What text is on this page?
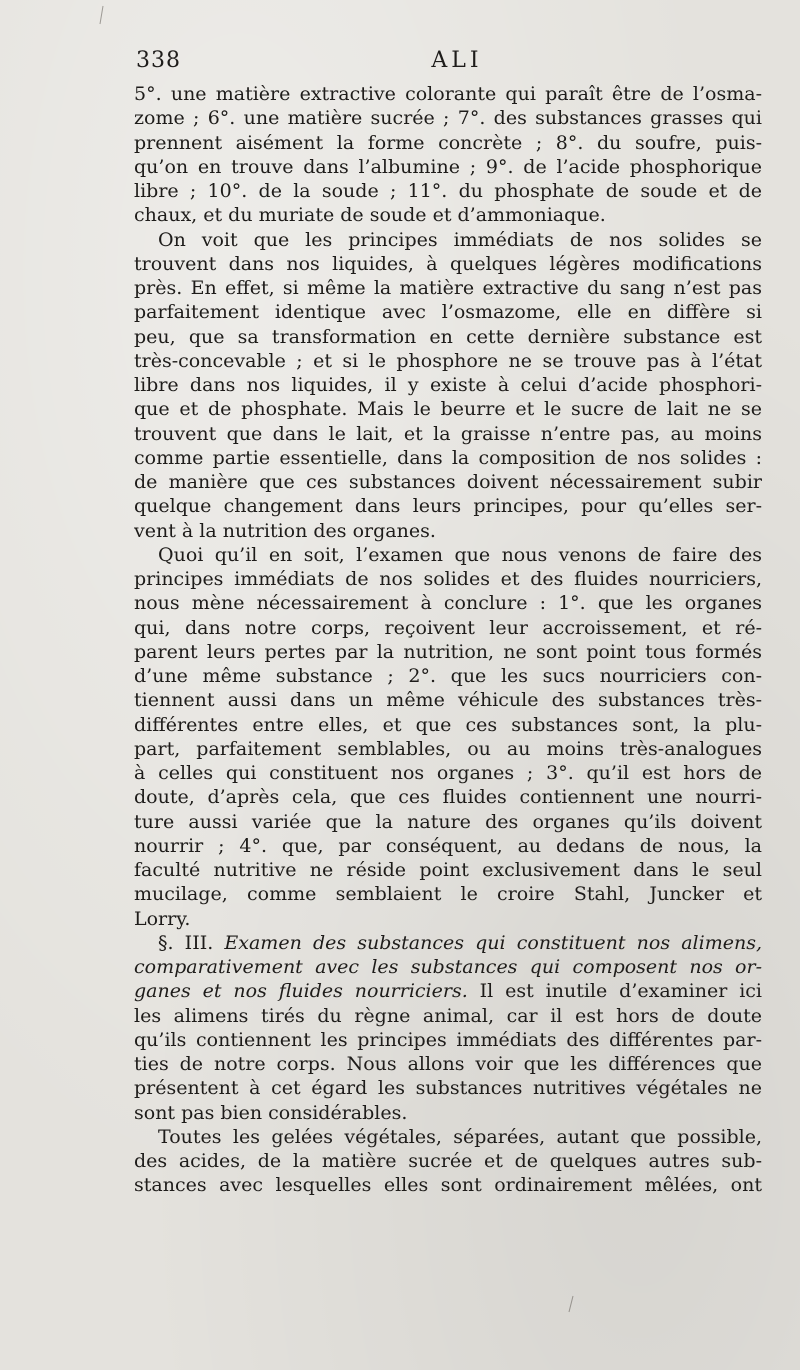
338	ALI
5°. une matière extractive colorante qui paraît être de l’osma-
zome ; 6°. une matière sucrée ; 7°. des substances grasses qui
prennent aisément la forme concrète ; 8°. du soufre, puis-
qu’on en trouve dans l’albumine ; 9°. de l’acide phosphorique
libre ; 10°. de la soude ; 11°. du phosphate de soude et de
chaux, et du muriate de soude et d’ammoniaque.
On voit que les principes immédiats de nos solides se
trouvent dans nos liquides, à quelques légères modifications
près. En effet, si même la matière extractive du sang n’est pas
parfaitement identique avec l’osmazome, elle en diffère si
peu, que sa transformation en cette dernière substance est
très-concevable ; et si le phosphore ne se trouve pas à l’état
libre dans nos liquides, il y existe à celui d’acide phosphori-
que et de phosphate. Mais le beurre et le sucre de lait ne se
trouvent que dans le lait, et la graisse n’entre pas, au moins
comme partie essentielle, dans la composition de nos solides :
de manière que ces substances doivent nécessairement subir
quelque changement dans leurs principes, pour qu’elles ser-
vent à la nutrition des organes.
Quoi qu’il en soit, l’examen que nous venons de faire des
principes immédiats de nos solides et des fluides nourriciers,
nous mène nécessairement à conclure : 1°. que les organes
qui, dans notre corps, reçoivent leur accroissement, et ré-
parent leurs pertes par la nutrition, ne sont point tous formés
d’une même substance ; 2°. que les sucs nourriciers con-
tiennent aussi dans un même véhicule des substances très-
différentes entre elles, et que ces substances sont, la plu-
part, parfaitement semblables, ou au moins très-analogues
à celles qui constituent nos organes ; 3°. qu’il est hors de
doute, d’après cela, que ces fluides contiennent une nourri-
ture aussi variée que la nature des organes qu’ils doivent
nourrir ; 4°. que, par conséquent, au dedans de nous, la
faculté nutritive ne réside point exclusivement dans le seul
mucilage, comme semblaient le croire Stahl, Juncker et
Lorry.
§. III. Examen des substances qui constituent nos alimens,
comparativement avec les substances qui composent nos or-
ganes et nos fluides nourriciers. Il est inutile d’examiner ici
les alimens tirés du règne animal, car il est hors de doute
qu’ils contiennent les principes immédiats des différentes par-
ties de notre corps. Nous allons voir que les différences que
présentent à cet égard les substances nutritives végétales ne
sont pas bien considérables.
Toutes les gelées végétales, séparées, autant que possible,
des acides, de la matière sucrée et de quelques autres sub-
stances avec lesquelles elles sont ordinairement mêlées, ont
